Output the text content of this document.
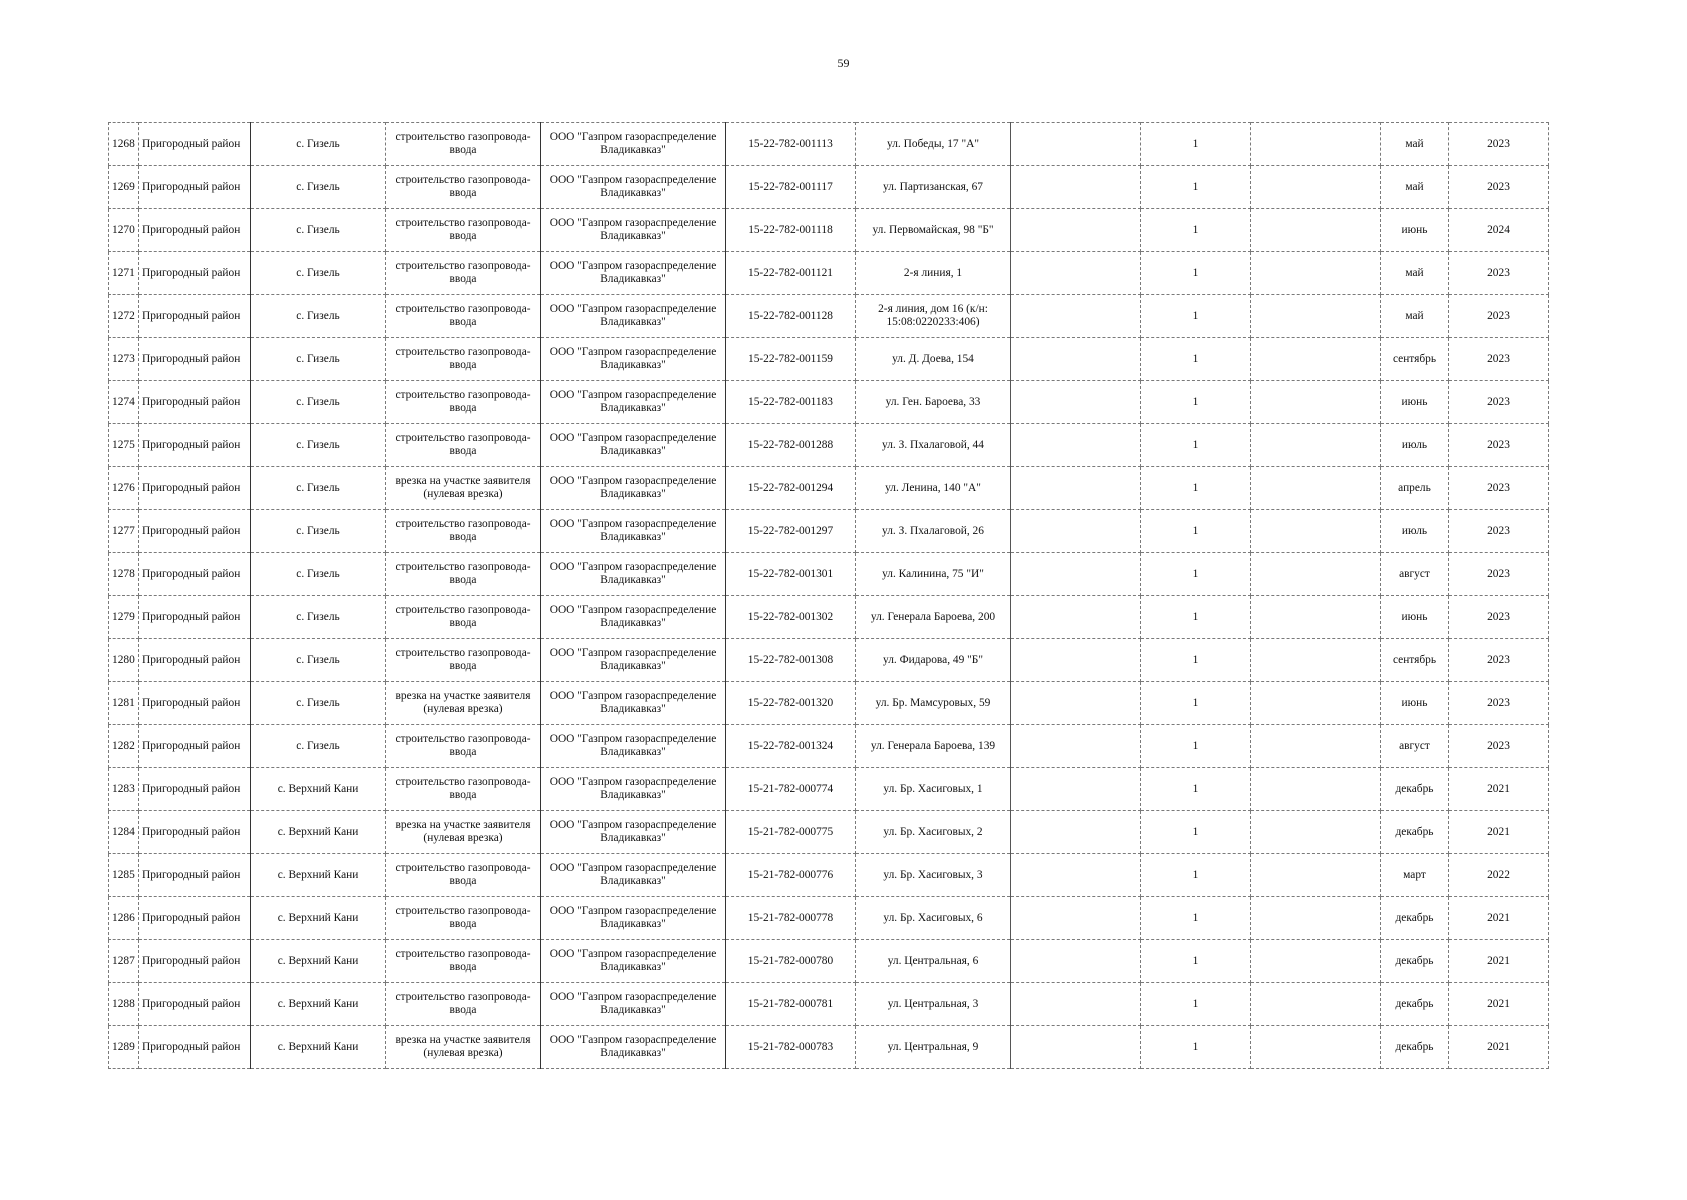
59
1268	Пригородный район	с. Гизель	строительство газопровода-ввода	ООО "Газпром газораспределение Владикавказ"	15-22-782-001113	ул. Победы, 17 "А"		1		май	2023
1269	Пригородный район	с. Гизель	строительство газопровода-ввода	ООО "Газпром газораспределение Владикавказ"	15-22-782-001117	ул. Партизанская, 67		1		май	2023
1270	Пригородный район	с. Гизель	строительство газопровода-ввода	ООО "Газпром газораспределение Владикавказ"	15-22-782-001118	ул. Первомайская, 98 "Б"		1		июнь	2024
1271	Пригородный район	с. Гизель	строительство газопровода-ввода	ООО "Газпром газораспределение Владикавказ"	15-22-782-001121	2-я линия, 1		1		май	2023
1272	Пригородный район	с. Гизель	строительство газопровода-ввода	ООО "Газпром газораспределение Владикавказ"	15-22-782-001128	2-я линия, дом 16 (к/н: 15:08:0220233:406)		1		май	2023
1273	Пригородный район	с. Гизель	строительство газопровода-ввода	ООО "Газпром газораспределение Владикавказ"	15-22-782-001159	ул. Д. Доева, 154		1		сентябрь	2023
1274	Пригородный район	с. Гизель	строительство газопровода-ввода	ООО "Газпром газораспределение Владикавказ"	15-22-782-001183	ул. Ген. Бароева, 33		1		июнь	2023
1275	Пригородный район	с. Гизель	строительство газопровода-ввода	ООО "Газпром газораспределение Владикавказ"	15-22-782-001288	ул. З. Пхалаговой, 44		1		июль	2023
1276	Пригородный район	с. Гизель	врезка на участке заявителя (нулевая врезка)	ООО "Газпром газораспределение Владикавказ"	15-22-782-001294	ул. Ленина, 140 "А"		1		апрель	2023
1277	Пригородный район	с. Гизель	строительство газопровода-ввода	ООО "Газпром газораспределение Владикавказ"	15-22-782-001297	ул. З. Пхалаговой, 26		1		июль	2023
1278	Пригородный район	с. Гизель	строительство газопровода-ввода	ООО "Газпром газораспределение Владикавказ"	15-22-782-001301	ул. Калинина, 75 "И"		1		август	2023
1279	Пригородный район	с. Гизель	строительство газопровода-ввода	ООО "Газпром газораспределение Владикавказ"	15-22-782-001302	ул. Генерала Бароева, 200		1		июнь	2023
1280	Пригородный район	с. Гизель	строительство газопровода-ввода	ООО "Газпром газораспределение Владикавказ"	15-22-782-001308	ул. Фидарова, 49 "Б"		1		сентябрь	2023
1281	Пригородный район	с. Гизель	врезка на участке заявителя (нулевая врезка)	ООО "Газпром газораспределение Владикавказ"	15-22-782-001320	ул. Бр. Мамсуровых, 59		1		июнь	2023
1282	Пригородный район	с. Гизель	строительство газопровода-ввода	ООО "Газпром газораспределение Владикавказ"	15-22-782-001324	ул. Генерала Бароева, 139		1		август	2023
1283	Пригородный район	с. Верхний Кани	строительство газопровода-ввода	ООО "Газпром газораспределение Владикавказ"	15-21-782-000774	ул. Бр. Хасиговых, 1		1		декабрь	2021
1284	Пригородный район	с. Верхний Кани	врезка на участке заявителя (нулевая врезка)	ООО "Газпром газораспределение Владикавказ"	15-21-782-000775	ул. Бр. Хасиговых, 2		1		декабрь	2021
1285	Пригородный район	с. Верхний Кани	строительство газопровода-ввода	ООО "Газпром газораспределение Владикавказ"	15-21-782-000776	ул. Бр. Хасиговых, 3		1		март	2022
1286	Пригородный район	с. Верхний Кани	строительство газопровода-ввода	ООО "Газпром газораспределение Владикавказ"	15-21-782-000778	ул. Бр. Хасиговых, 6		1		декабрь	2021
1287	Пригородный район	с. Верхний Кани	строительство газопровода-ввода	ООО "Газпром газораспределение Владикавказ"	15-21-782-000780	ул. Центральная, 6		1		декабрь	2021
1288	Пригородный район	с. Верхний Кани	строительство газопровода-ввода	ООО "Газпром газораспределение Владикавказ"	15-21-782-000781	ул. Центральная, 3		1		декабрь	2021
1289	Пригородный район	с. Верхний Кани	врезка на участке заявителя (нулевая врезка)	ООО "Газпром газораспределение Владикавказ"	15-21-782-000783	ул. Центральная, 9		1		декабрь	2021
